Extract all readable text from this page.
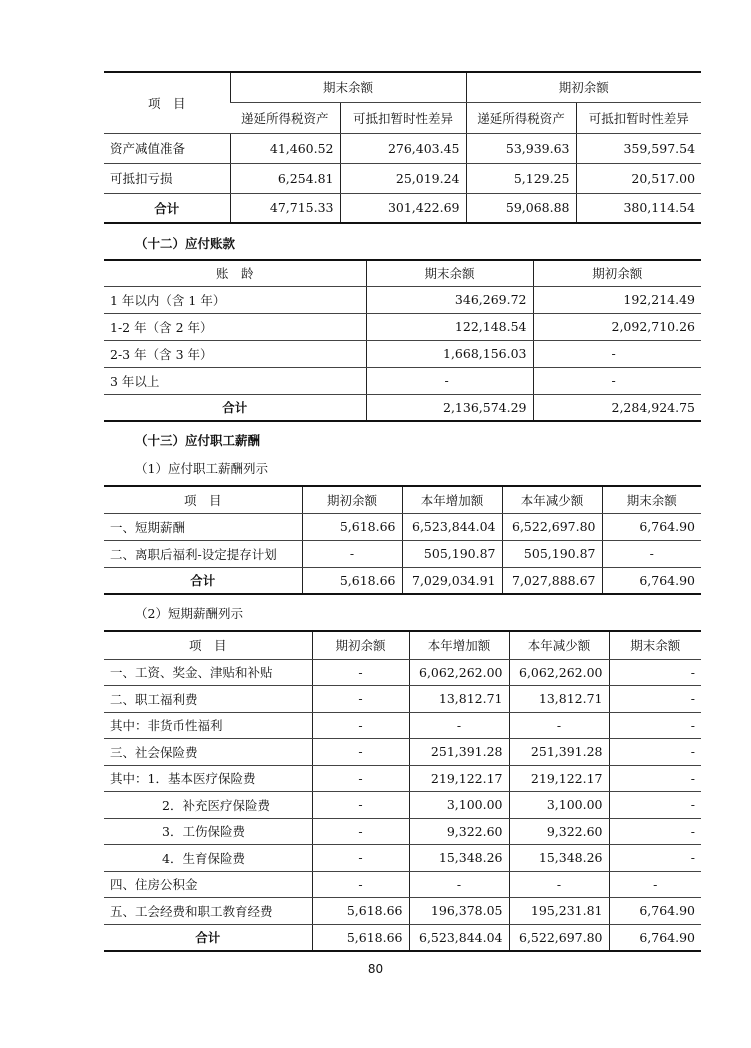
项　目	期末余额		期初余额	
	递延所得税资产	可抵扣暂时性差异	递延所得税资产	可抵扣暂时性差异
资产减值准备	41,460.52	276,403.45	53,939.63	359,597.54
可抵扣亏损	6,254.81	25,019.24	5,129.25	20,517.00
合计	47,715.33	301,422.69	59,068.88	380,114.54
（十二）应付账款
账　龄	期末余额	期初余额
1 年以内（含 1 年）	346,269.72	192,214.49
1-2 年（含 2 年）	122,148.54	2,092,710.26
2-3 年（含 3 年）	1,668,156.03	-
3 年以上	-	-
合计	2,136,574.29	2,284,924.75
（十三）应付职工薪酬
（1）应付职工薪酬列示
项　目	期初余额	本年增加额	本年减少额	期末余额
一、短期薪酬	5,618.66	6,523,844.04	6,522,697.80	6,764.90
二、离职后福利-设定提存计划	-	505,190.87	505,190.87	-
合计	5,618.66	7,029,034.91	7,027,888.67	6,764.90
（2）短期薪酬列示
项　目	期初余额	本年增加额	本年减少额	期末余额
一、工资、奖金、津贴和补贴	-	6,062,262.00	6,062,262.00	-
二、职工福利费	-	13,812.71	13,812.71	-
其中：非货币性福利	-	-	-	-
三、社会保险费	-	251,391.28	251,391.28	-
其中：1．基本医疗保险费	-	219,122.17	219,122.17	-
2．补充医疗保险费	-	3,100.00	3,100.00	-
3．工伤保险费	-	9,322.60	9,322.60	-
4．生育保险费	-	15,348.26	15,348.26	-
四、住房公积金	-	-	-	-
五、工会经费和职工教育经费	5,618.66	196,378.05	195,231.81	6,764.90
合计	5,618.66	6,523,844.04	6,522,697.80	6,764.90
80
